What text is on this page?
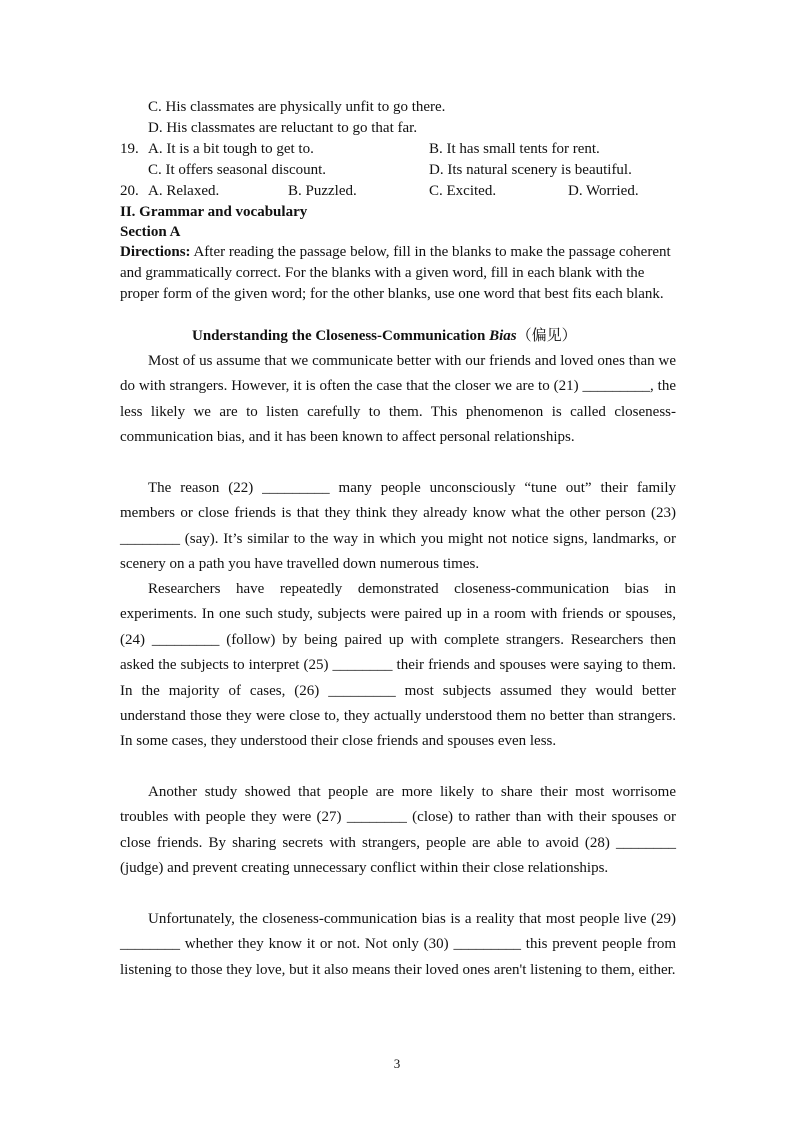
C. His classmates are physically unfit to go there.
D. His classmates are reluctant to go that far.
19. A. It is a bit tough to get to.	B. It has small tents for rent.
C. It offers seasonal discount.	D. Its natural scenery is beautiful.
20. A. Relaxed.	B. Puzzled.	C. Excited.	D. Worried.
II. Grammar and vocabulary
Section A
Directions: After reading the passage below, fill in the blanks to make the passage coherent and grammatically correct. For the blanks with a given word, fill in each blank with the proper form of the given word; for the other blanks, use one word that best fits each blank.
Understanding the Closeness-Communication Bias（偏见）
Most of us assume that we communicate better with our friends and loved ones than we do with strangers. However, it is often the case that the closer we are to (21) _________, the less likely we are to listen carefully to them. This phenomenon is called closeness-communication bias, and it has been known to affect personal relationships.
The reason (22) _________ many people unconsciously “tune out” their family members or close friends is that they think they already know what the other person (23) ________ (say). It’s similar to the way in which you might not notice signs, landmarks, or scenery on a path you have travelled down numerous times.
Researchers have repeatedly demonstrated closeness-communication bias in experiments. In one such study, subjects were paired up in a room with friends or spouses, (24) _________ (follow) by being paired up with complete strangers. Researchers then asked the subjects to interpret (25) ________ their friends and spouses were saying to them. In the majority of cases, (26) _________ most subjects assumed they would better understand those they were close to, they actually understood them no better than strangers. In some cases, they understood their close friends and spouses even less.
Another study showed that people are more likely to share their most worrisome troubles with people they were (27) ________ (close) to rather than with their spouses or close friends. By sharing secrets with strangers, people are able to avoid (28) ________ (judge) and prevent creating unnecessary conflict within their close relationships.
Unfortunately, the closeness-communication bias is a reality that most people live (29) ________ whether they know it or not. Not only (30) _________ this prevent people from listening to those they love, but it also means their loved ones aren't listening to them, either.
3
